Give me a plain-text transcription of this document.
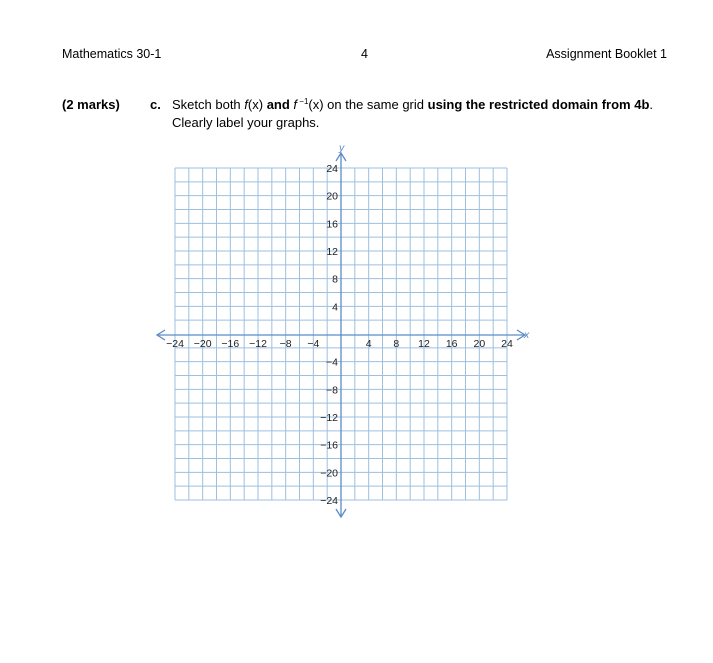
Mathematics 30-1	4	Assignment Booklet 1
(2 marks) c. Sketch both f(x) and f $^{-1}$(x) on the same grid using the restricted domain from 4b.
Clearly label your graphs.
x
y
−24 −20 −16 −12 −8 −4	4 8 12 16 20 24
24
20
16
12
8
4
−4
−8
−12
−16
−20
−24
